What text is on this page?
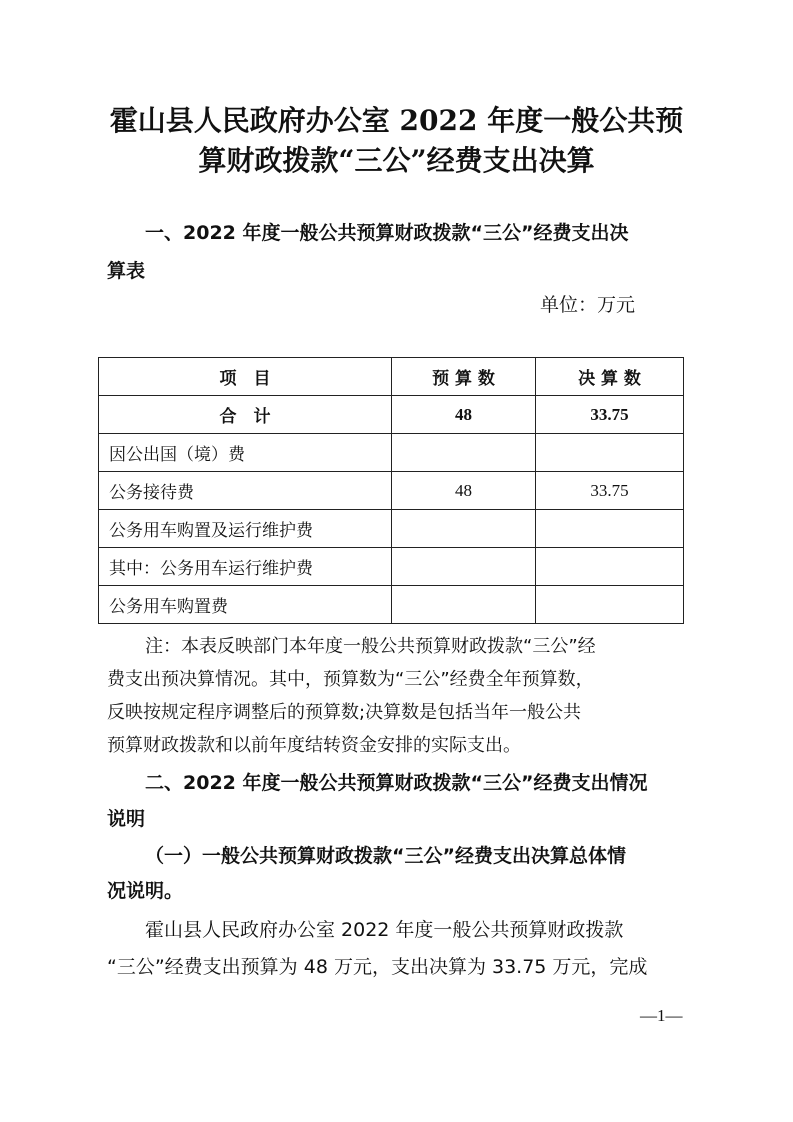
霍山县人民政府办公室 2022 年度一般公共预
算财政拨款“三公”经费支出决算
一、2022 年度一般公共预算财政拨款“三公”经费支出决
算表
单位：万元
项　目	预 算 数	决 算 数
合　计	48	33.75
因公出国（境）费		
公务接待费	48	33.75
公务用车购置及运行维护费		
其中：公务用车运行维护费		
公务用车购置费		
注：本表反映部门本年度一般公共预算财政拨款“三公”经
费支出预决算情况。其中，预算数为“三公”经费全年预算数，
反映按规定程序调整后的预算数;决算数是包括当年一般公共
预算财政拨款和以前年度结转资金安排的实际支出。
二、2022 年度一般公共预算财政拨款“三公”经费支出情况
说明
（一）一般公共预算财政拨款“三公”经费支出决算总体情
况说明。
霍山县人民政府办公室 2022 年度一般公共预算财政拨款
“三公”经费支出预算为 48 万元，支出决算为 33.75 万元，完成
—1—
